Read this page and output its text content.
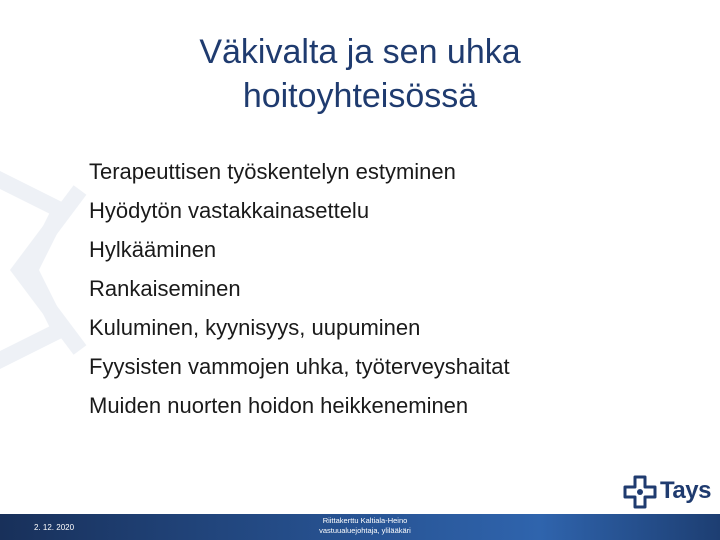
Väkivalta ja sen uhka
hoitoyhteisössä
Terapeuttisen työskentelyn estyminen
Hyödytön vastakkainasettelu
Hylkääminen
Rankaiseminen
Kuluminen, kyynisyys, uupuminen
Fyysisten vammojen uhka, työterveyshaitat
Muiden nuorten hoidon heikkeneminen
Tays
2. 12. 2020
Riittakerttu Kaltiala-Heino
vastuualuejohtaja, ylilääkäri
